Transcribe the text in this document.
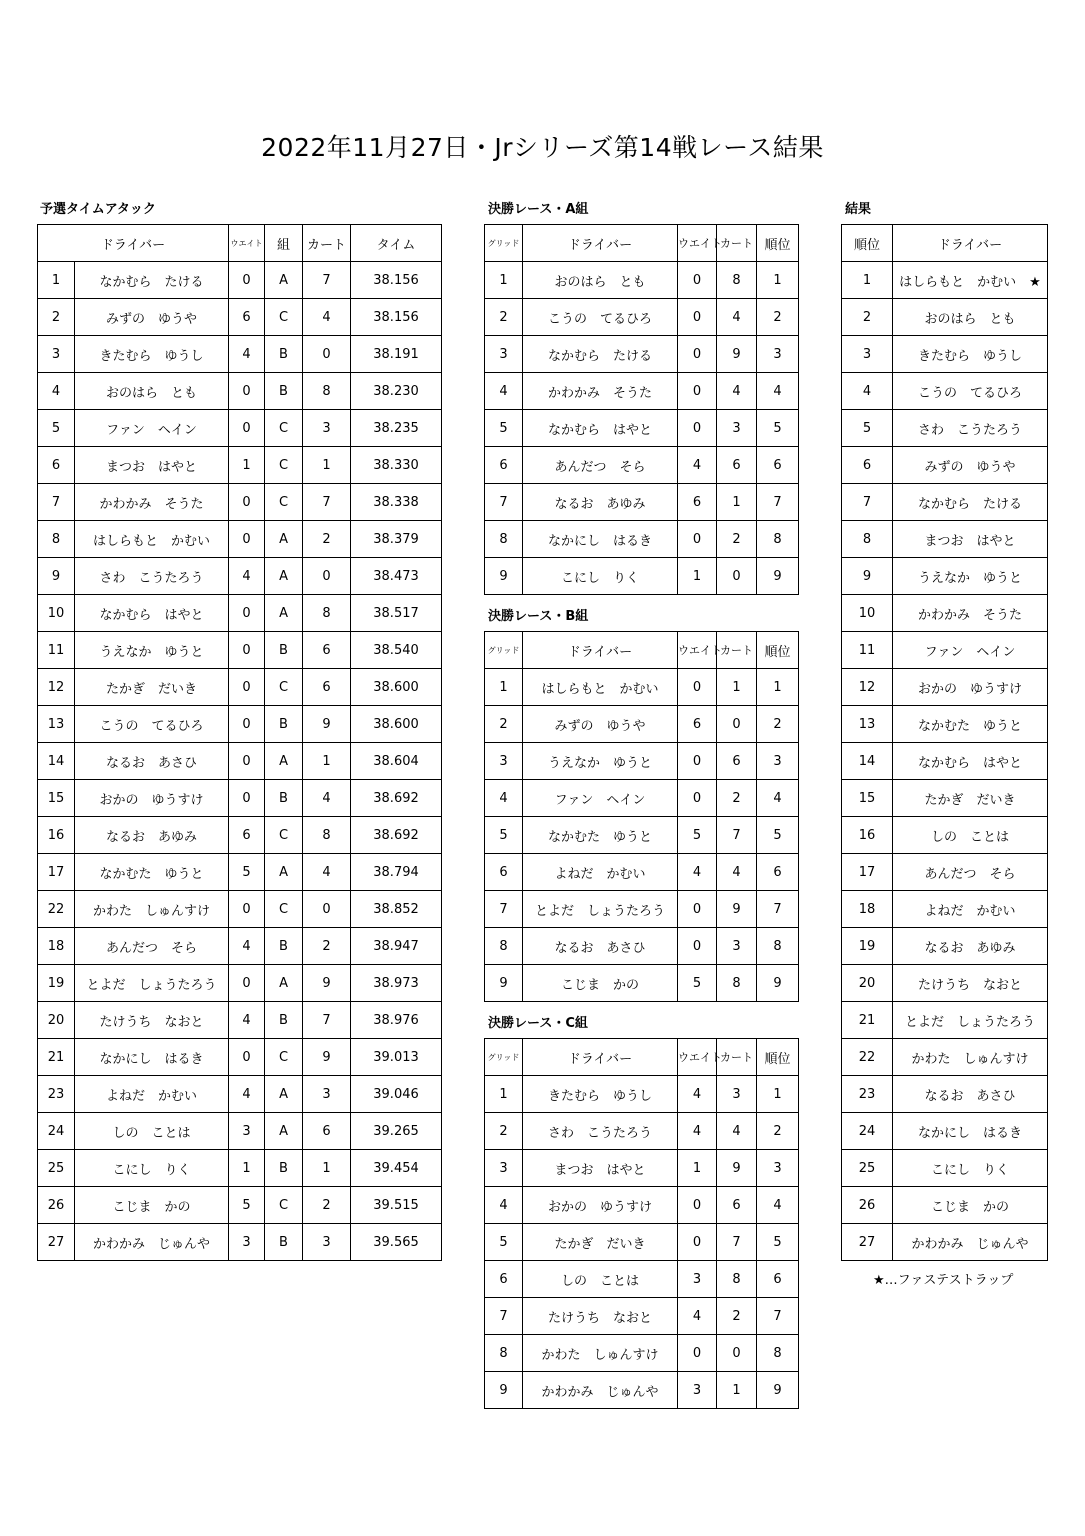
2022年11月27日・Jrシリーズ第14戦レース結果
予選タイムアタック
ドライバー		ウエイト	組	カート	タイム
1	なかむら　たける	0	A	7	38.156
2	みずの　ゆうや	6	C	4	38.156
3	きたむら　ゆうし	4	B	0	38.191
4	おのはら　とも	0	B	8	38.230
5	ファン　ヘイン	0	C	3	38.235
6	まつお　はやと	1	C	1	38.330
7	かわかみ　そうた	0	C	7	38.338
8	はしらもと　かむい	0	A	2	38.379
9	さわ　こうたろう	4	A	0	38.473
10	なかむら　はやと	0	A	8	38.517
11	うえなか　ゆうと	0	B	6	38.540
12	たかぎ　だいき	0	C	6	38.600
13	こうの　てるひろ	0	B	9	38.600
14	なるお　あさひ	0	A	1	38.604
15	おかの　ゆうすけ	0	B	4	38.692
16	なるお　あゆみ	6	C	8	38.692
17	なかむた　ゆうと	5	A	4	38.794
22	かわた　しゅんすけ	0	C	0	38.852
18	あんだつ　そら	4	B	2	38.947
19	とよだ　しょうたろう	0	A	9	38.973
20	たけうち　なおと	4	B	7	38.976
21	なかにし　はるき	0	C	9	39.013
23	よねだ　かむい	4	A	3	39.046
24	しの　ことは	3	A	6	39.265
25	こにし　りく	1	B	1	39.454
26	こじま　かの	5	C	2	39.515
27	かわかみ　じゅんや	3	B	3	39.565
決勝レース・A組
グリッド	ドライバー	ウエイト	カート	順位
1	おのはら　とも	0	8	1
2	こうの　てるひろ	0	4	2
3	なかむら　たける	0	9	3
4	かわかみ　そうた	0	4	4
5	なかむら　はやと	0	3	5
6	あんだつ　そら	4	6	6
7	なるお　あゆみ	6	1	7
8	なかにし　はるき	0	2	8
9	こにし　りく	1	0	9
決勝レース・B組
グリッド	ドライバー	ウエイト	カート	順位
1	はしらもと　かむい	0	1	1
2	みずの　ゆうや	6	0	2
3	うえなか　ゆうと	0	6	3
4	ファン　ヘイン	0	2	4
5	なかむた　ゆうと	5	7	5
6	よねだ　かむい	4	4	6
7	とよだ　しょうたろう	0	9	7
8	なるお　あさひ	0	3	8
9	こじま　かの	5	8	9
決勝レース・C組
グリッド	ドライバー	ウエイト	カート	順位
1	きたむら　ゆうし	4	3	1
2	さわ　こうたろう	4	4	2
3	まつお　はやと	1	9	3
4	おかの　ゆうすけ	0	6	4
5	たかぎ　だいき	0	7	5
6	しの　ことは	3	8	6
7	たけうち　なおと	4	2	7
8	かわた　しゅんすけ	0	0	8
9	かわかみ　じゅんや	3	1	9
結果
順位	ドライバー
1	はしらもと　かむい　★
2	おのはら　とも
3	きたむら　ゆうし
4	こうの　てるひろ
5	さわ　こうたろう
6	みずの　ゆうや
7	なかむら　たける
8	まつお　はやと
9	うえなか　ゆうと
10	かわかみ　そうた
11	ファン　ヘイン
12	おかの　ゆうすけ
13	なかむた　ゆうと
14	なかむら　はやと
15	たかぎ　だいき
16	しの　ことは
17	あんだつ　そら
18	よねだ　かむい
19	なるお　あゆみ
20	たけうち　なおと
21	とよだ　しょうたろう
22	かわた　しゅんすけ
23	なるお　あさひ
24	なかにし　はるき
25	こにし　りく
26	こじま　かの
27	かわかみ　じゅんや
★…ファステストラップ
